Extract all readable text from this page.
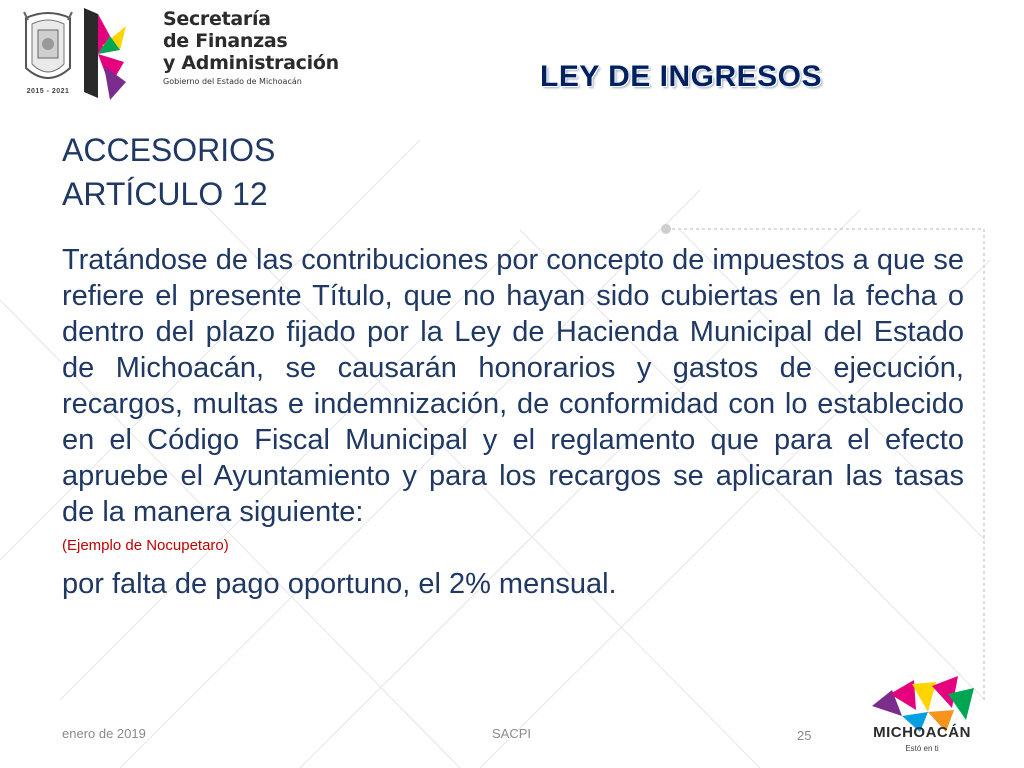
2015 - 2021
Secretaría
de Finanzas
y Administración
Gobierno del Estado de Michoacán	LEY DE INGRESOS
ACCESORIOS
ARTÍCULO 12
Tratándose de las contribuciones por concepto de impuestos a que se refiere el presente Título, que no hayan sido cubiertas en la fecha o dentro del plazo fijado por la Ley de Hacienda Municipal del Estado de Michoacán, se causarán honorarios y gastos de ejecución, recargos, multas e indemnización, de conformidad con lo establecido en el Código Fiscal Municipal y el reglamento que para el efecto apruebe el Ayuntamiento y para los recargos se aplicaran las tasas de la manera siguiente:
(Ejemplo de Nocupetaro)
por falta de pago oportuno, el 2% mensual.
enero de 2019	SACPI	25	MICHOACÁN
Estó en ti
